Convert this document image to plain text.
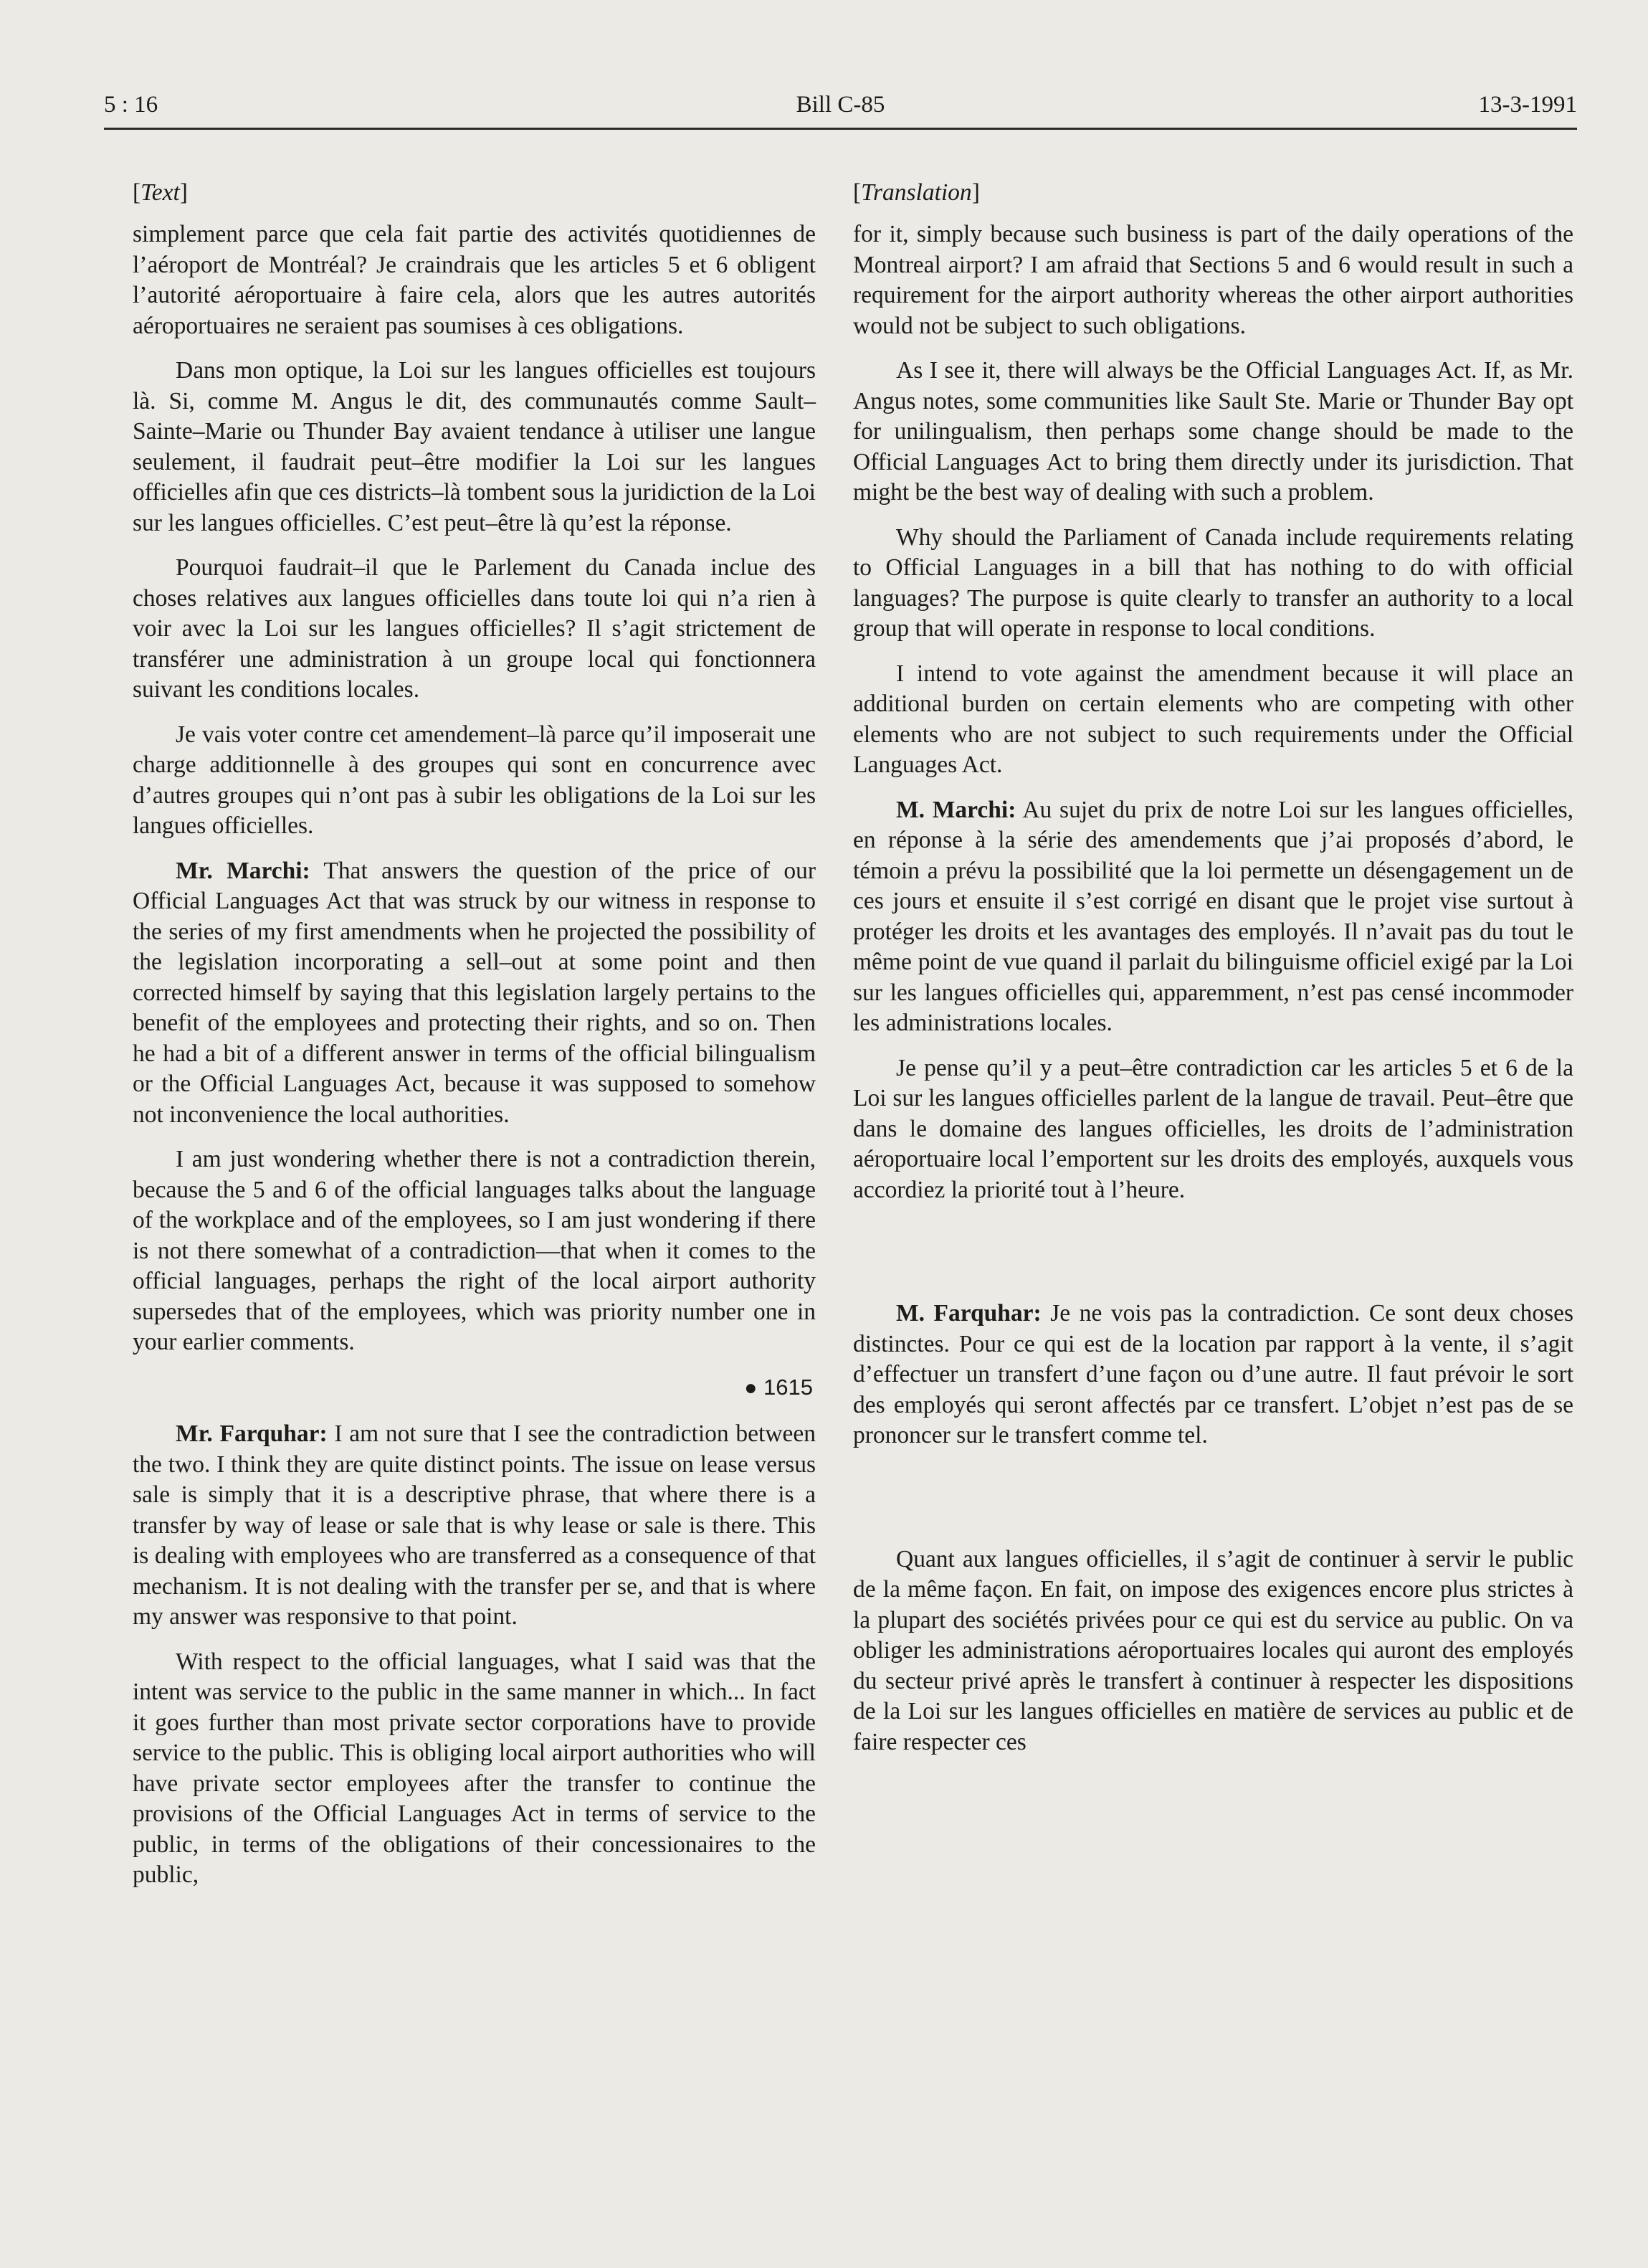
5 : 16	Bill C-85	13-3-1991
[Text]

simplement parce que cela fait partie des activités quotidiennes de l’aéroport de Montréal? Je craindrais que les articles 5 et 6 obligent l’autorité aéroportuaire à faire cela, alors que les autres autorités aéroportuaires ne seraient pas soumises à ces obligations.

Dans mon optique, la Loi sur les langues officielles est toujours là. Si, comme M. Angus le dit, des communautés comme Sault–Sainte–Marie ou Thunder Bay avaient tendance à utiliser une langue seulement, il faudrait peut–être modifier la Loi sur les langues officielles afin que ces districts–là tombent sous la juridiction de la Loi sur les langues officielles. C’est peut–être là qu’est la réponse.

Pourquoi faudrait–il que le Parlement du Canada inclue des choses relatives aux langues officielles dans toute loi qui n’a rien à voir avec la Loi sur les langues officielles? Il s’agit strictement de transférer une administration à un groupe local qui fonctionnera suivant les conditions locales.

Je vais voter contre cet amendement–là parce qu’il imposerait une charge additionnelle à des groupes qui sont en concurrence avec d’autres groupes qui n’ont pas à subir les obligations de la Loi sur les langues officielles.

Mr. Marchi: That answers the question of the price of our Official Languages Act that was struck by our witness in response to the series of my first amendments when he projected the possibility of the legislation incorporating a sell–out at some point and then corrected himself by saying that this legislation largely pertains to the benefit of the employees and protecting their rights, and so on. Then he had a bit of a different answer in terms of the official bilingualism or the Official Languages Act, because it was supposed to somehow not inconvenience the local authorities.

I am just wondering whether there is not a contradiction therein, because the 5 and 6 of the official languages talks about the language of the workplace and of the employees, so I am just wondering if there is not there somewhat of a contradiction—that when it comes to the official languages, perhaps the right of the local airport authority supersedes that of the employees, which was priority number one in your earlier comments.

● 1615

Mr. Farquhar: I am not sure that I see the contradiction between the two. I think they are quite distinct points. The issue on lease versus sale is simply that it is a descriptive phrase, that where there is a transfer by way of lease or sale that is why lease or sale is there. This is dealing with employees who are transferred as a consequence of that mechanism. It is not dealing with the transfer per se, and that is where my answer was responsive to that point.

With respect to the official languages, what I said was that the intent was service to the public in the same manner in which... In fact it goes further than most private sector corporations have to provide service to the public. This is obliging local airport authorities who will have private sector employees after the transfer to continue the provisions of the Official Languages Act in terms of service to the public, in terms of the obligations of their concessionaires to the public,

[Translation]

for it, simply because such business is part of the daily operations of the Montreal airport? I am afraid that Sections 5 and 6 would result in such a requirement for the airport authority whereas the other airport authorities would not be subject to such obligations.

As I see it, there will always be the Official Languages Act. If, as Mr. Angus notes, some communities like Sault Ste. Marie or Thunder Bay opt for unilingualism, then perhaps some change should be made to the Official Languages Act to bring them directly under its jurisdiction. That might be the best way of dealing with such a problem.

Why should the Parliament of Canada include requirements relating to Official Languages in a bill that has nothing to do with official languages? The purpose is quite clearly to transfer an authority to a local group that will operate in response to local conditions.

I intend to vote against the amendment because it will place an additional burden on certain elements who are competing with other elements who are not subject to such requirements under the Official Languages Act.

M. Marchi: Au sujet du prix de notre Loi sur les langues officielles, en réponse à la série des amendements que j’ai proposés d’abord, le témoin a prévu la possibilité que la loi permette un désengagement un de ces jours et ensuite il s’est corrigé en disant que le projet vise surtout à protéger les droits et les avantages des employés. Il n’avait pas du tout le même point de vue quand il parlait du bilinguisme officiel exigé par la Loi sur les langues officielles qui, apparemment, n’est pas censé incommoder les administrations locales.

Je pense qu’il y a peut–être contradiction car les articles 5 et 6 de la Loi sur les langues officielles parlent de la langue de travail. Peut–être que dans le domaine des langues officielles, les droits de l’administration aéroportuaire local l’emportent sur les droits des employés, auxquels vous accordiez la priorité tout à l’heure.

M. Farquhar: Je ne vois pas la contradiction. Ce sont deux choses distinctes. Pour ce qui est de la location par rapport à la vente, il s’agit d’effectuer un transfert d’une façon ou d’une autre. Il faut prévoir le sort des employés qui seront affectés par ce transfert. L’objet n’est pas de se prononcer sur le transfert comme tel.

Quant aux langues officielles, il s’agit de continuer à servir le public de la même façon. En fait, on impose des exigences encore plus strictes à la plupart des sociétés privées pour ce qui est du service au public. On va obliger les administrations aéroportuaires locales qui auront des employés du secteur privé après le transfert à continuer à respecter les dispositions de la Loi sur les langues officielles en matière de services au public et de faire respecter ces
